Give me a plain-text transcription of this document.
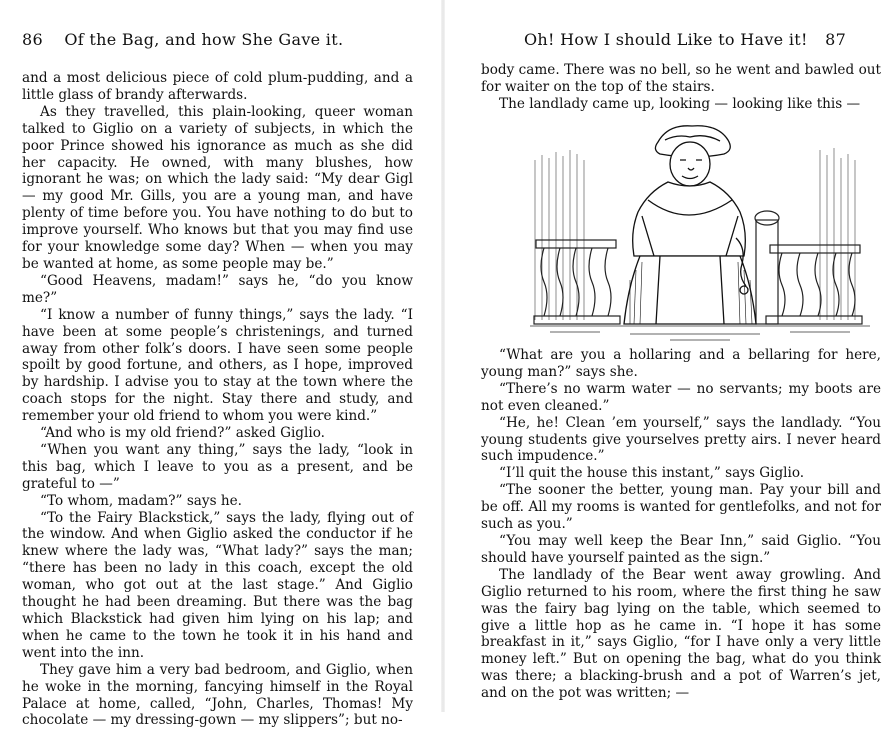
86 Of the Bag, and how She Gave it.

and a most delicious piece of cold plum-pudding, and a little glass of brandy afterwards.

As they travelled, this plain-looking, queer woman talked to Giglio on a variety of subjects, in which the poor Prince showed his ignorance as much as she did her capacity. He owned, with many blushes, how ignorant he was; on which the lady said: “My dear Gigl — my good Mr. Gills, you are a young man, and have plenty of time before you. You have nothing to do but to improve yourself. Who knows but that you may find use for your knowledge some day? When — when you may be wanted at home, as some people may be.”

“Good Heavens, madam!” says he, “do you know me?”

“I know a number of funny things,” says the lady. “I have been at some people’s christenings, and turned away from other folk’s doors. I have seen some people spoilt by good fortune, and others, as I hope, improved by hardship. I advise you to stay at the town where the coach stops for the night. Stay there and study, and remember your old friend to whom you were kind.”

“And who is my old friend?” asked Giglio.

“When you want any thing,” says the lady, “look in this bag, which I leave to you as a present, and be grateful to —”

“To whom, madam?” says he.

“To the Fairy Blackstick,” says the lady, flying out of the window. And when Giglio asked the conductor if he knew where the lady was, “What lady?” says the man; “there has been no lady in this coach, except the old woman, who got out at the last stage.” And Giglio thought he had been dreaming. But there was the bag which Blackstick had given him lying on his lap; and when he came to the town he took it in his hand and went into the inn.

They gave him a very bad bedroom, and Giglio, when he woke in the morning, fancying himself in the Royal Palace at home, called, “John, Charles, Thomas! My chocolate — my dressing-gown — my slippers”; but no-

Oh! How I should Like to Have it! 87

body came. There was no bell, so he went and bawled out for waiter on the top of the stairs.

The landlady came up, looking — looking like this —

“What are you a hollaring and a bellaring for here, young man?” says she.

“There’s no warm water — no servants; my boots are not even cleaned.”

“He, he! Clean ’em yourself,” says the landlady. “You young students give yourselves pretty airs. I never heard such impudence.”

“I’ll quit the house this instant,” says Giglio.

“The sooner the better, young man. Pay your bill and be off. All my rooms is wanted for gentlefolks, and not for such as you.”

“You may well keep the Bear Inn,” said Giglio. “You should have yourself painted as the sign.”

The landlady of the Bear went away growling. And Giglio returned to his room, where the first thing he saw was the fairy bag lying on the table, which seemed to give a little hop as he came in. “I hope it has some breakfast in it,” says Giglio, “for I have only a very little money left.” But on opening the bag, what do you think was there; a blacking-brush and a pot of Warren’s jet, and on the pot was written; —
